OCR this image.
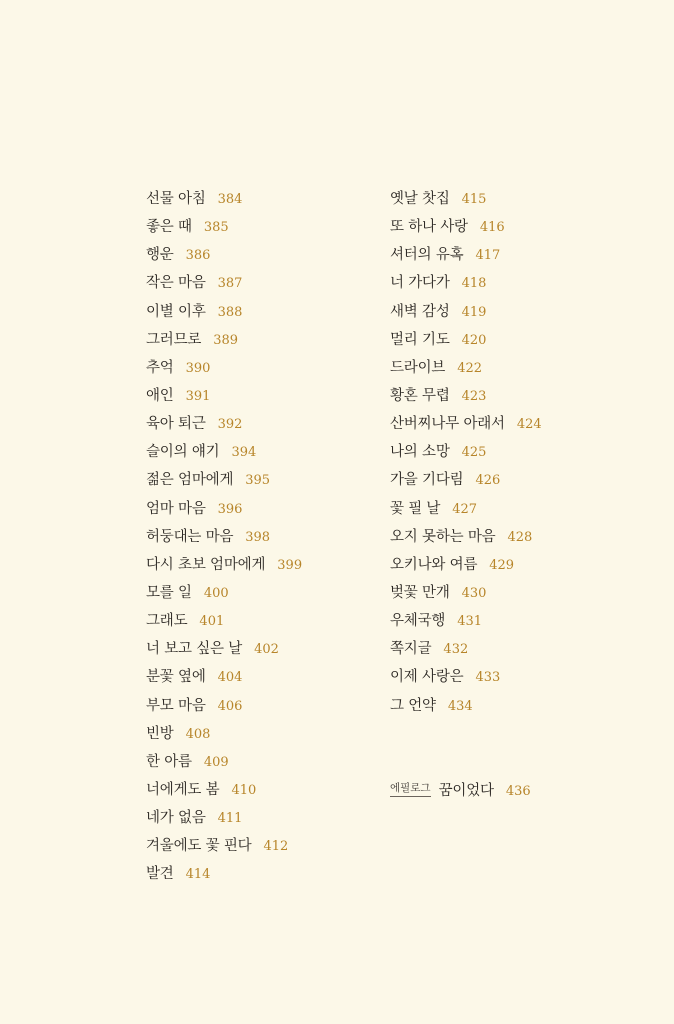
선물 아침 384
좋은 때 385
행운 386
작은 마음 387
이별 이후 388
그러므로 389
추억 390
애인 391
육아 퇴근 392
슬이의 얘기 394
젊은 엄마에게 395
엄마 마음 396
허둥대는 마음 398
다시 초보 엄마에게 399
모를 일 400
그래도 401
너 보고 싶은 날 402
분꽃 옆에 404
부모 마음 406
빈방 408
한 아름 409
너에게도 봄 410
네가 없음 411
겨울에도 꽃 핀다 412
발견 414
옛날 찻집 415
또 하나 사랑 416
셔터의 유혹 417
너 가다가 418
새벽 감성 419
멀리 기도 420
드라이브 422
황혼 무렵 423
산버찌나무 아래서 424
나의 소망 425
가을 기다림 426
꽃 필 날 427
오지 못하는 마음 428
오키나와 여름 429
벚꽃 만개 430
우체국행 431
쪽지글 432
이제 사랑은 433
그 언약 434
에필로그 꿈이었다 436
